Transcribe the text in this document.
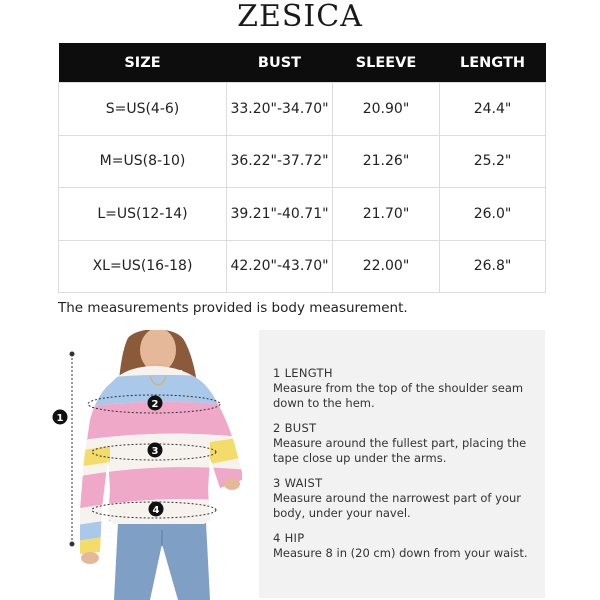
ZESICA
SIZE	BUST	SLEEVE	LENGTH
S=US(4-6)	33.20"-34.70"	20.90"	24.4"
M=US(8-10)	36.22"-37.72"	21.26"	25.2"
L=US(12-14)	39.21"-40.71"	21.70"	26.0"
XL=US(16-18)	42.20"-43.70"	22.00"	26.8"
The measurements provided is body measurement.
1
2
3
4
1 LENGTH
Measure from the top of the shoulder seam down to the hem.
2 BUST
Measure around the fullest part, placing the tape close up under the arms.
3 WAIST
Measure around the narrowest part of your body, under your navel.
4 HIP
Measure 8 in (20 cm) down from your waist.
